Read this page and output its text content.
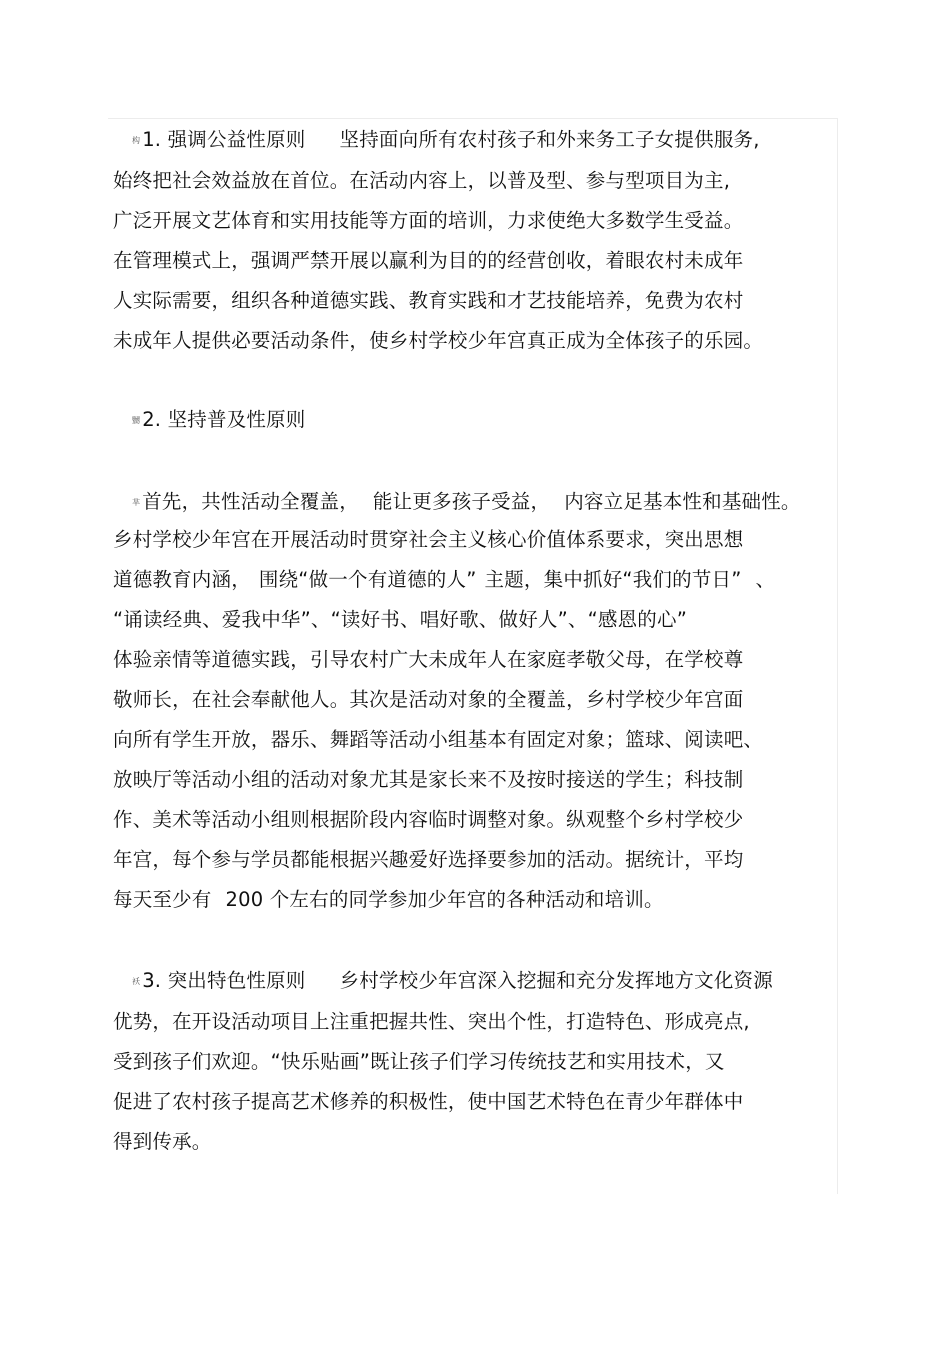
构 1. 强调公益性原则 坚持面向所有农村孩子和外来务工子女提供服务,
始终把社会效益放在首位。在活动内容上，以普及型、参与型项目为主,
广泛开展文艺体育和实用技能等方面的培训，力求使绝大多数学生受益。
在管理模式上，强调严禁开展以赢利为目的的经营创收，着眼农村未成年
人实际需要，组织各种道德实践、教育实践和才艺技能培养，免费为农村
未成年人提供必要活动条件，使乡村学校少年宫真正成为全体孩子的乐园。
嬲 2. 坚持普及性原则
芈 首先，共性活动全覆盖， 能让更多孩子受益， 内容立足基本性和基础性。
乡村学校少年宫在开展活动时贯穿社会主义核心价值体系要求，突出思想
道德教育内涵， 围绕“做一个有道德的人” 主题，集中抓好“我们的节日” 、
“诵读经典、爱我中华”、“读好书、唱好歌、做好人”、“感恩的心”
体验亲情等道德实践，引导农村广大未成年人在家庭孝敬父母，在学校尊
敬师长，在社会奉献他人。其次是活动对象的全覆盖，乡村学校少年宫面
向所有学生开放，器乐、舞蹈等活动小组基本有固定对象；篮球、阅读吧、
放映厅等活动小组的活动对象尤其是家长来不及按时接送的学生；科技制
作、美术等活动小组则根据阶段内容临时调整对象。纵观整个乡村学校少
年宫，每个参与学员都能根据兴趣爱好选择要参加的活动。据统计，平均
每天至少有 200 个左右的同学参加少年宫的各种活动和培训。
袄 3. 突出特色性原则 乡村学校少年宫深入挖掘和充分发挥地方文化资源
优势，在开设活动项目上注重把握共性、突出个性，打造特色、形成亮点,
受到孩子们欢迎。“快乐贴画”既让孩子们学习传统技艺和实用技术，又
促进了农村孩子提高艺术修养的积极性，使中国艺术特色在青少年群体中
得到传承。
